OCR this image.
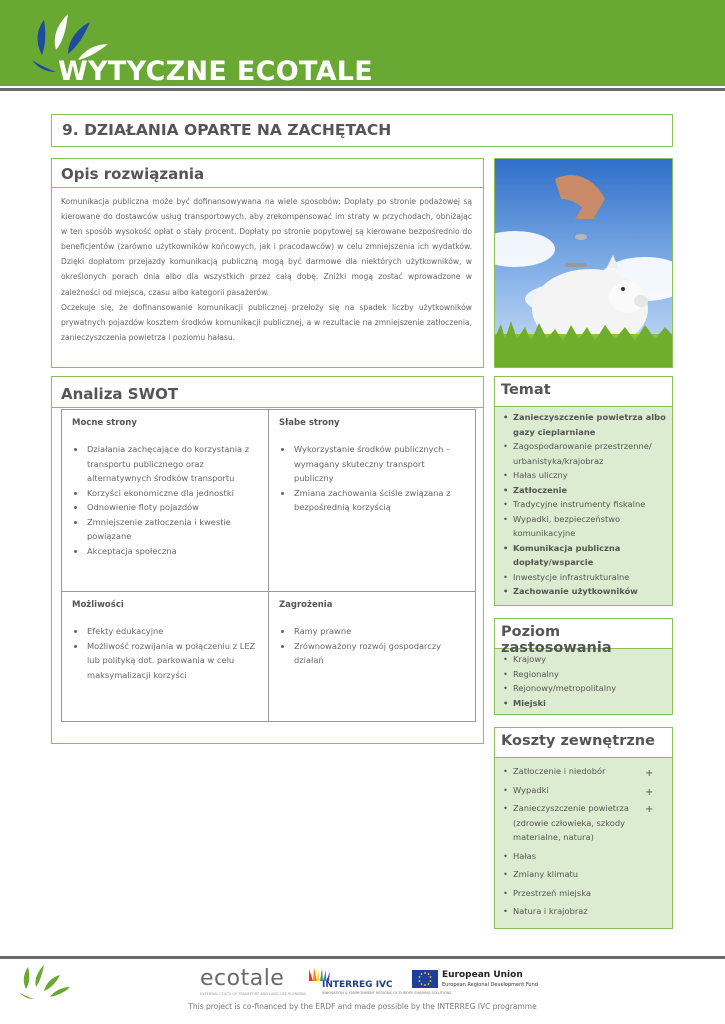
WYTYCZNE ECOTALE
9. DZIAŁANIA OPARTE NA ZACHĘTACH
Opis rozwiązania

Komunikacja publiczna może być dofinansowywana na wiele sposobów: Dopłaty po stronie podażowej są kierowane do dostawców usług transportowych, aby zrekompensować im straty w przychodach, obniżając w ten sposób wysokość opłat o stały procent. Dopłaty po stronie popytowej są kierowane bezpośrednio do beneficjentów (zarówno użytkowników końcowych, jak i pracodawców) w celu zmniejszenia ich wydatków. Dzięki dopłatom przejazdy komunikacją publiczną mogą być darmowe dla niektórych użytkowników, w określonych porach dnia albo dla wszystkich przez całą dobę. Zniżki mogą zostać wprowadzone w zależności od miejsca, czasu albo kategorii pasażerów.

Oczekuje się, że dofinansowanie komunikacji publicznej przełoży się na spadek liczby użytkowników prywatnych pojazdów kosztem środków komunikacji publicznej, a w rezultacie na zmniejszenie zatłoczenia, zanieczyszczenia powietrza i poziomu hałasu.

Analiza SWOT
Mocne strony
• Działania zachęcające do korzystania z transportu publicznego oraz alternatywnych środków transportu
• Korzyści ekonomiczne dla jednostki
• Odnowienie floty pojazdów
• Zmniejszenie zatłoczenia i kwestie powiązane
• Akceptacja społeczna
Słabe strony
• Wykorzystanie środków publicznych – wymagany skuteczny transport publiczny
• Zmiana zachowania ściśle związana z bezpośrednią korzyścią
Możliwości
• Efekty edukacyjne
• Możliwość rozwijania w połączeniu z LEZ lub polityką dot. parkowania w celu maksymalizacji korzyści
Zagrożenia
• Ramy prawne
• Zrównoważony rozwój gospodarczy działań
Temat
• Zanieczyszczenie powietrza albo gazy cieplarniane
• Zagospodarowanie przestrzenne/ urbanistyka/krajobraz
• Hałas uliczny
• Zatłoczenie
• Tradycyjne instrumenty fiskalne
• Wypadki, bezpieczeństwo komunikacyjne
• Komunikacja publiczna dopłaty/wsparcie
• Inwestycje infrastrukturalne
• Zachowanie użytkowników
Poziom zastosowania
• Krajowy
• Regionalny
• Rejonowy/metropolitalny
• Miejski
Koszty zewnętrzne
+
+
+
• Zatłoczenie i niedobór
• Wypadki
• Zanieczyszczenie powietrza (zdrowie człowieka, szkody materialne, natura)
• Hałas
• Zmiany klimatu
• Przestrzeń miejska
• Natura i krajobraz
ecotale
EXTERNAL COSTS OF TRANSPORT AND LAND-USE PLANNING
INTERREG IVC
INNOVATION & ENVIRONMENT REGIONS OF EUROPE SHARING SOLUTIONS
European Union
European Regional Development Fund
This project is co-financed by the ERDF and made possible by the INTERREG IVC programme
